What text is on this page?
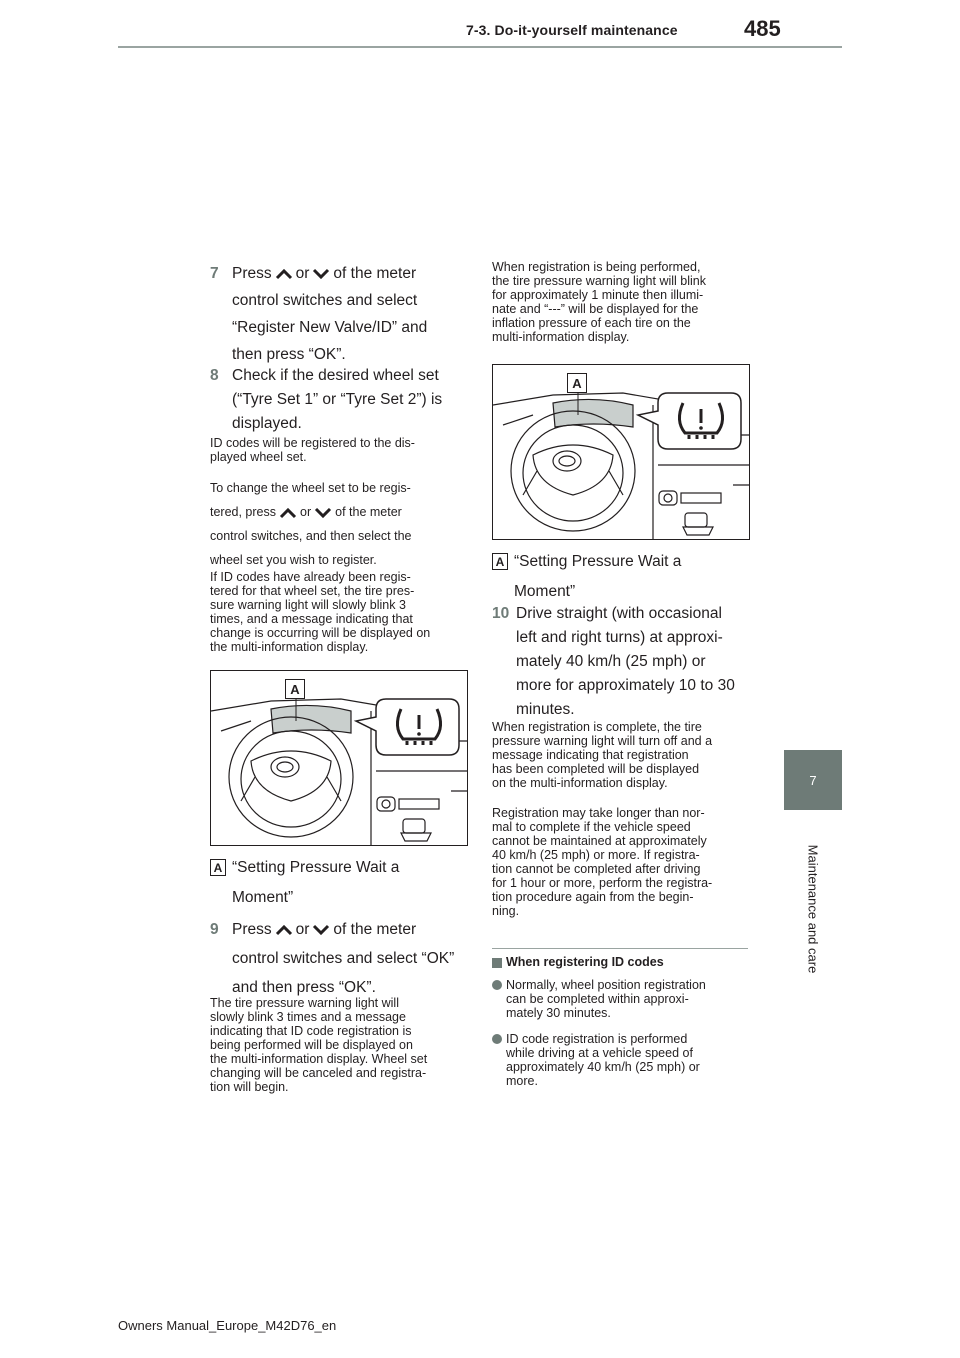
7-3. Do-it-yourself maintenance	485
7
Maintenance and care
7 Press or of the meter
control switches and select
“Register New Valve/ID” and
then press “OK”.
8 Check if the desired wheel set
(“Tyre Set 1” or “Tyre Set 2”) is
displayed.
ID codes will be registered to the dis-
played wheel set.
To change the wheel set to be regis-
tered, press or of the meter
control switches, and then select the
wheel set you wish to register.
If ID codes have already been regis-
tered for that wheel set, the tire pres-
sure warning light will slowly blink 3
times, and a message indicating that
change is occurring will be displayed on
the multi-information display.
A
A “Setting Pressure Wait a
Moment”
9 Press or of the meter
control switches and select “OK”
and then press “OK”.
The tire pressure warning light will
slowly blink 3 times and a message
indicating that ID code registration is
being performed will be displayed on
the multi-information display. Wheel set
changing will be canceled and registra-
tion will begin.
When registration is being performed,
the tire pressure warning light will blink
for approximately 1 minute then illumi-
nate and “---” will be displayed for the
inflation pressure of each tire on the
multi-information display.
A
A “Setting Pressure Wait a
Moment”
10 Drive straight (with occasional
left and right turns) at approxi-
mately 40 km/h (25 mph) or
more for approximately 10 to 30
minutes.
When registration is complete, the tire
pressure warning light will turn off and a
message indicating that registration
has been completed will be displayed
on the multi-information display.
Registration may take longer than nor-
mal to complete if the vehicle speed
cannot be maintained at approximately
40 km/h (25 mph) or more. If registra-
tion cannot be completed after driving
for 1 hour or more, perform the registra-
tion procedure again from the begin-
ning.
When registering ID codes
Normally, wheel position registration
can be completed within approxi-
mately 30 minutes.
ID code registration is performed
while driving at a vehicle speed of
approximately 40 km/h (25 mph) or
more.
Owners Manual_Europe_M42D76_en
